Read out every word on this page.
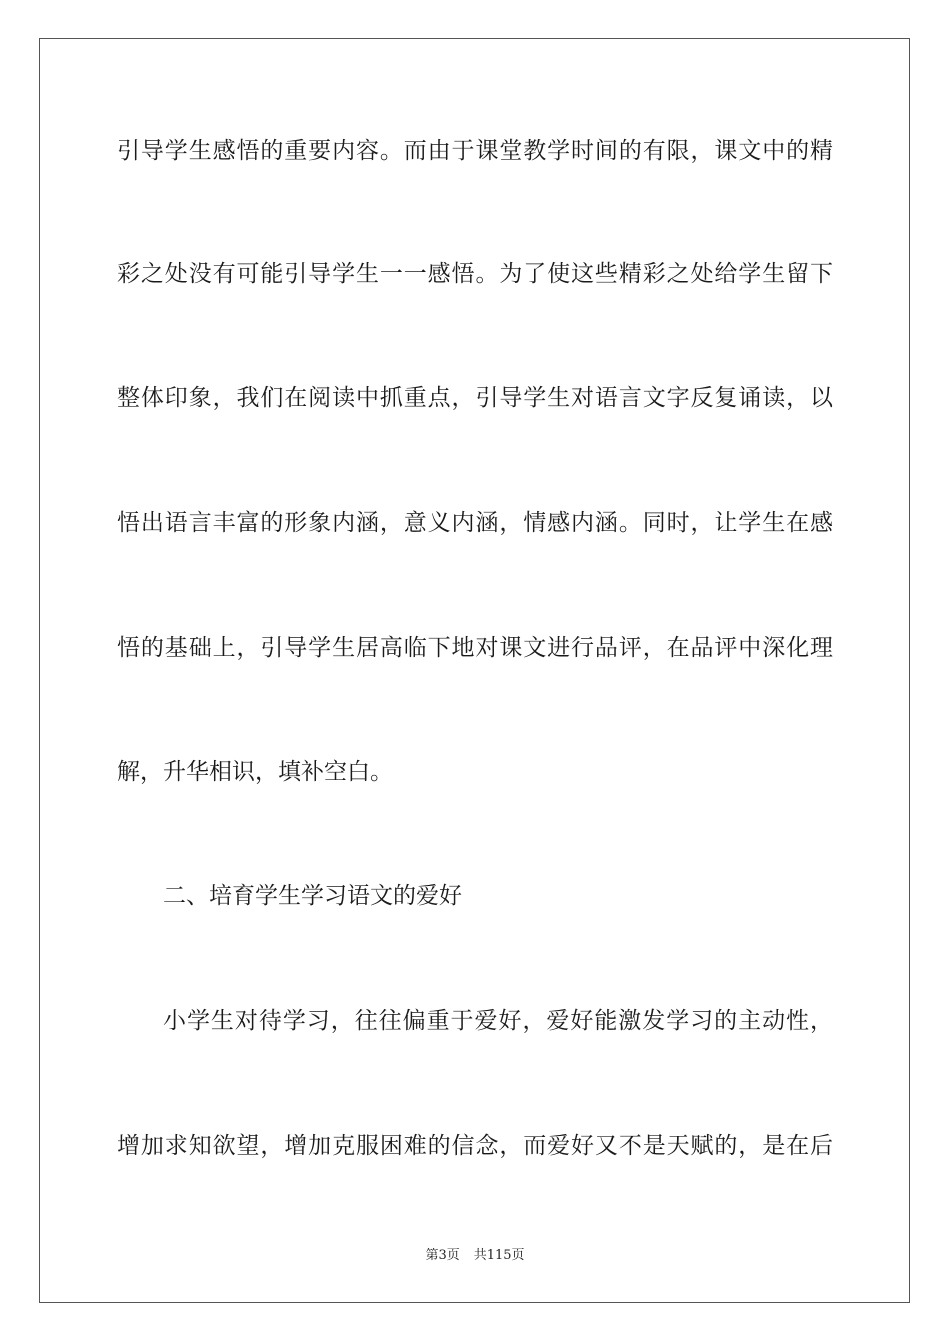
引导学生感悟的重要内容。而由于课堂教学时间的有限，课文中的精
彩之处没有可能引导学生一一感悟。为了使这些精彩之处给学生留下
整体印象，我们在阅读中抓重点，引导学生对语言文字反复诵读，以
悟出语言丰富的形象内涵，意义内涵，情感内涵。同时，让学生在感
悟的基础上，引导学生居高临下地对课文进行品评，在品评中深化理
解，升华相识，填补空白。
二、培育学生学习语文的爱好
小学生对待学习，往往偏重于爱好，爱好能激发学习的主动性，
增加求知欲望，增加克服困难的信念，而爱好又不是天赋的，是在后
第3页 共115页
